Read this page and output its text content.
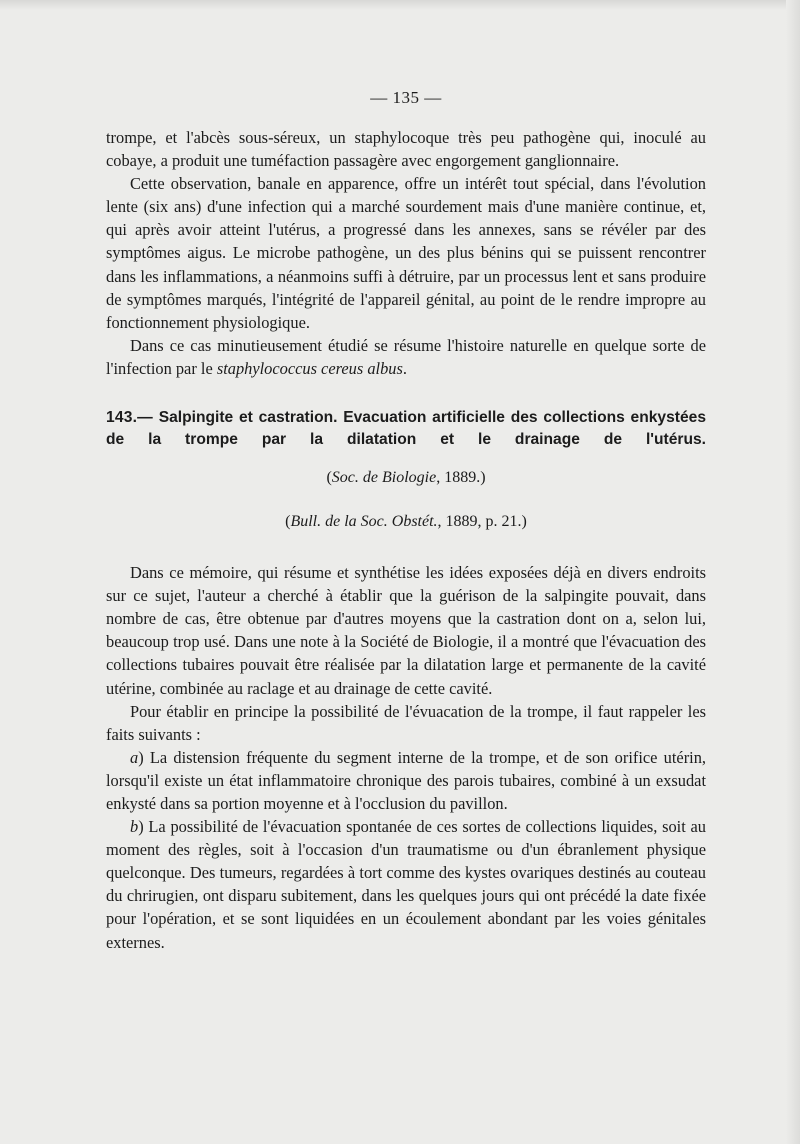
— 135 —

trompe, et l'abcès sous-séreux, un staphylocoque très peu pathogène qui, inoculé au cobaye, a produit une tuméfaction passagère avec engorgement ganglionnaire.

Cette observation, banale en apparence, offre un intérêt tout spécial, dans l'évolution lente (six ans) d'une infection qui a marché sourdement mais d'une manière continue, et, qui après avoir atteint l'utérus, a progressé dans les annexes, sans se révéler par des symptômes aigus. Le microbe pathogène, un des plus bénins qui se puissent rencontrer dans les inflammations, a néanmoins suffi à détruire, par un processus lent et sans produire de symptômes marqués, l'intégrité de l'appareil génital, au point de le rendre impropre au fonctionnement physiologique.

Dans ce cas minutieusement étudié se résume l'histoire naturelle en quelque sorte de l'infection par le staphylococcus cereus albus.

143.— Salpingite et castration. Evacuation artificielle des collections enkystées de la trompe par la dilatation et le drainage de l'utérus.
(Soc. de Biologie, 1889.)
(Bull. de la Soc. Obstét., 1889, p. 21.)

Dans ce mémoire, qui résume et synthétise les idées exposées déjà en divers endroits sur ce sujet, l'auteur a cherché à établir que la guérison de la salpingite pouvait, dans nombre de cas, être obtenue par d'autres moyens que la castration dont on a, selon lui, beaucoup trop usé. Dans une note à la Société de Biologie, il a montré que l'évacuation des collections tubaires pouvait être réalisée par la dilatation large et permanente de la cavité utérine, combinée au raclage et au drainage de cette cavité.

Pour établir en principe la possibilité de l'évuacation de la trompe, il faut rappeler les faits suivants :

a) La distension fréquente du segment interne de la trompe, et de son orifice utérin, lorsqu'il existe un état inflammatoire chronique des parois tubaires, combiné à un exsudat enkysté dans sa portion moyenne et à l'occlusion du pavillon.

b) La possibilité de l'évacuation spontanée de ces sortes de collections liquides, soit au moment des règles, soit à l'occasion d'un traumatisme ou d'un ébranlement physique quelconque. Des tumeurs, regardées à tort comme des kystes ovariques destinés au couteau du chrirugien, ont disparu subitement, dans les quelques jours qui ont précédé la date fixée pour l'opération, et se sont liquidées en un écoulement abondant par les voies génitales externes.
